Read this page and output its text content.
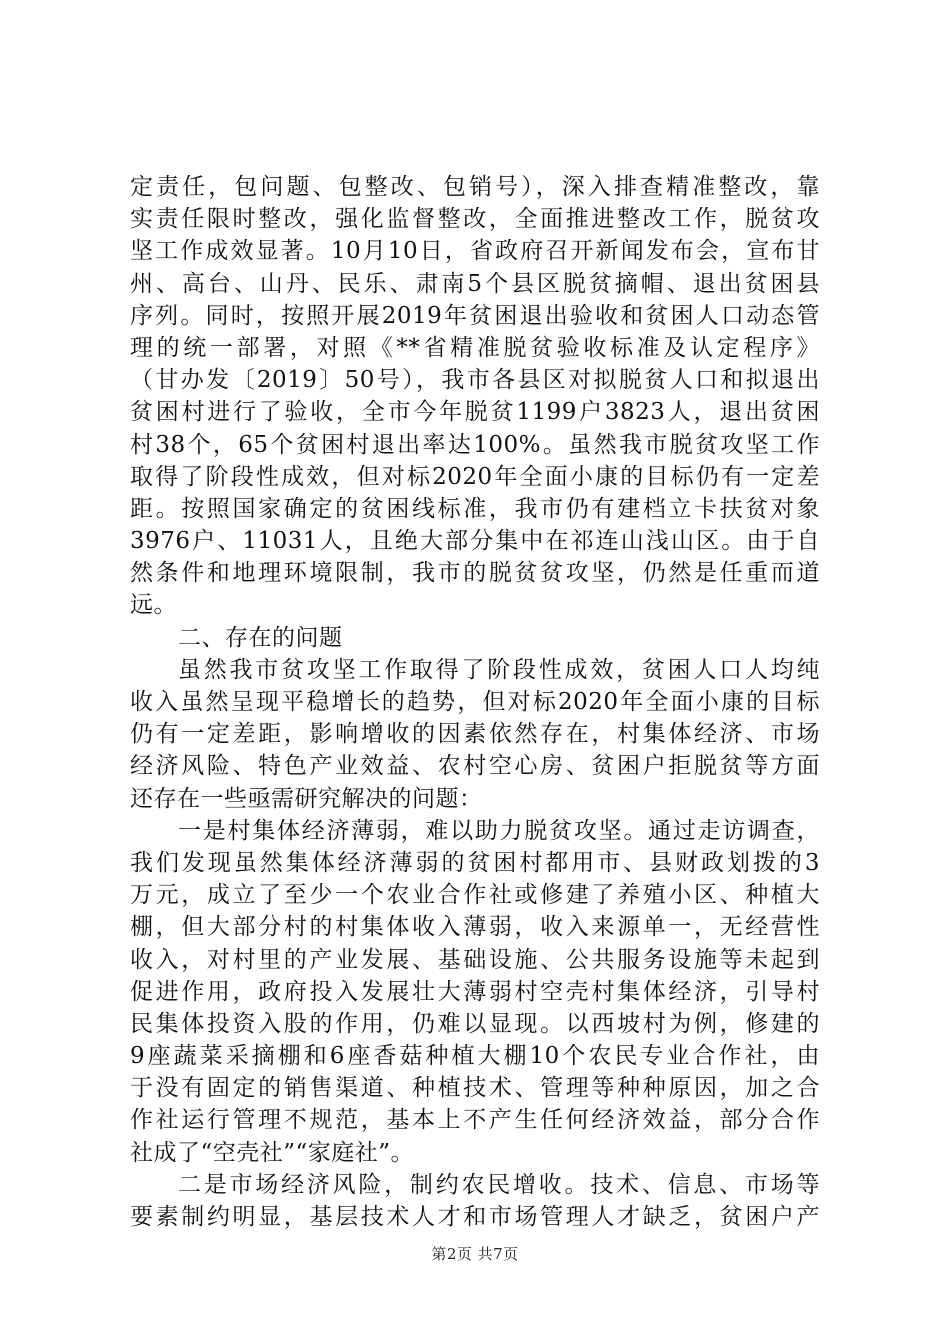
定责任，包问题、包整改、包销号），深入排查精准整改，靠
实责任限时整改，强化监督整改，全面推进整改工作，脱贫攻
坚工作成效显著。10月10日，省政府召开新闻发布会，宣布甘
州、高台、山丹、民乐、肃南5个县区脱贫摘帽、退出贫困县
序列。同时，按照开展2019年贫困退出验收和贫困人口动态管
理的统一部署，对照《**省精准脱贫验收标准及认定程序》
（甘办发〔2019〕50号），我市各县区对拟脱贫人口和拟退出
贫困村进行了验收，全市今年脱贫1199户3823人，退出贫困
村38个，65个贫困村退出率达100%。虽然我市脱贫攻坚工作
取得了阶段性成效，但对标2020年全面小康的目标仍有一定差
距。按照国家确定的贫困线标准，我市仍有建档立卡扶贫对象
3976户、11031人，且绝大部分集中在祁连山浅山区。由于自
然条件和地理环境限制，我市的脱贫贫攻坚，仍然是任重而道
远。
二、存在的问题
虽然我市贫攻坚工作取得了阶段性成效，贫困人口人均纯
收入虽然呈现平稳增长的趋势，但对标2020年全面小康的目标
仍有一定差距，影响增收的因素依然存在，村集体经济、市场
经济风险、特色产业效益、农村空心房、贫困户拒脱贫等方面
还存在一些亟需研究解决的问题：
一是村集体经济薄弱，难以助力脱贫攻坚。通过走访调查，
我们发现虽然集体经济薄弱的贫困村都用市、县财政划拨的3
万元，成立了至少一个农业合作社或修建了养殖小区、种植大
棚，但大部分村的村集体收入薄弱，收入来源单一，无经营性
收入，对村里的产业发展、基础设施、公共服务设施等未起到
促进作用，政府投入发展壮大薄弱村空壳村集体经济，引导村
民集体投资入股的作用，仍难以显现。以西坡村为例，修建的
9座蔬菜采摘棚和6座香菇种植大棚10个农民专业合作社，由
于没有固定的销售渠道、种植技术、管理等种种原因，加之合
作社运行管理不规范，基本上不产生任何经济效益，部分合作
社成了“空壳社”“家庭社”。
二是市场经济风险，制约农民增收。技术、信息、市场等
要素制约明显，基层技术人才和市场管理人才缺乏，贫困户产
第2页 共7页
